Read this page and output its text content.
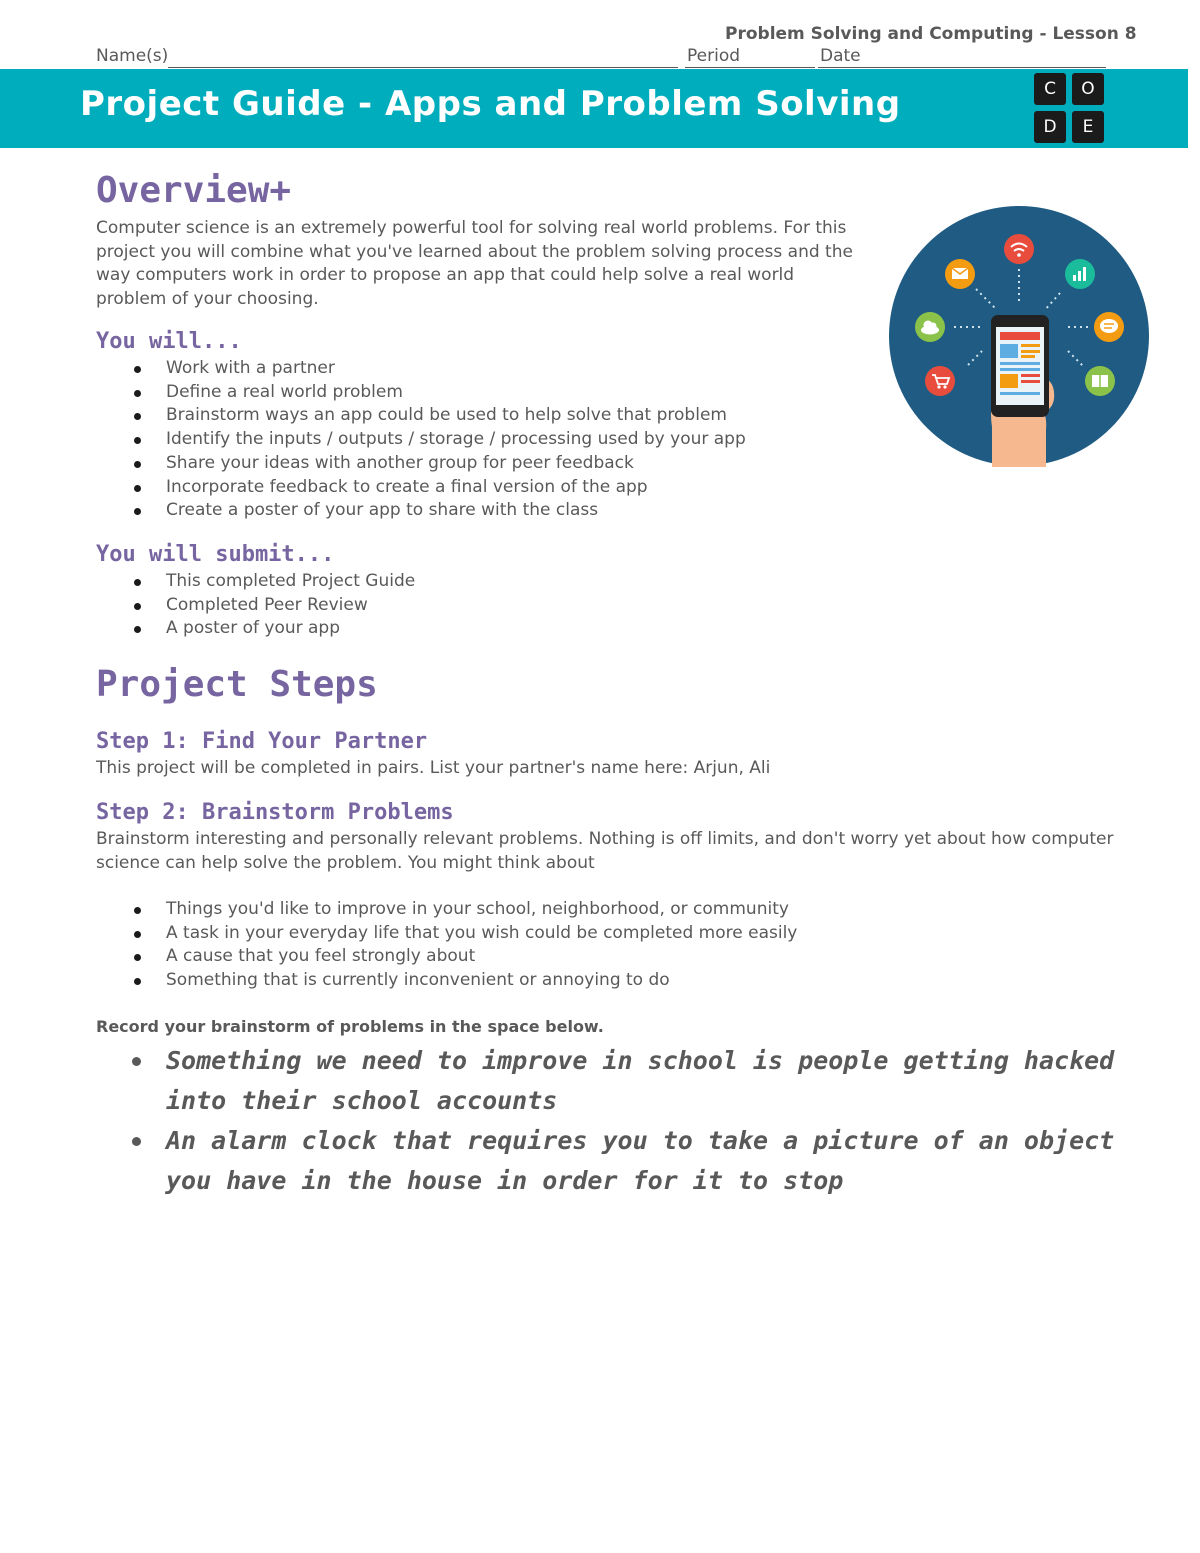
Problem Solving and Computing - Lesson 8
Name(s)	Period	Date
Project Guide - Apps and Problem Solving	C	O
D	E
Overview+
Computer science is an extremely powerful tool for solving real world problems. For this project you will combine what you've learned about the problem solving process and the way computers work in order to propose an app that could help solve a real world problem of your choosing.
You will...
Work with a partner
Define a real world problem
Brainstorm ways an app could be used to help solve that problem
Identify the inputs / outputs / storage / processing used by your app
Share your ideas with another group for peer feedback
Incorporate feedback to create a final version of the app
Create a poster of your app to share with the class
You will submit...
This completed Project Guide
Completed Peer Review
A poster of your app
Project Steps
Step 1: Find Your Partner
This project will be completed in pairs. List your partner's name here: Arjun, Ali
Step 2: Brainstorm Problems
Brainstorm interesting and personally relevant problems. Nothing is off limits, and don't worry yet about how computer science can help solve the problem. You might think about
Things you'd like to improve in your school, neighborhood, or community
A task in your everyday life that you wish could be completed more easily
A cause that you feel strongly about
Something that is currently inconvenient or annoying to do
Record your brainstorm of problems in the space below.
Something we need to improve in school is people getting hacked into their school accounts
An alarm clock that requires you to take a picture of an object you have in the house in order for it to stop
